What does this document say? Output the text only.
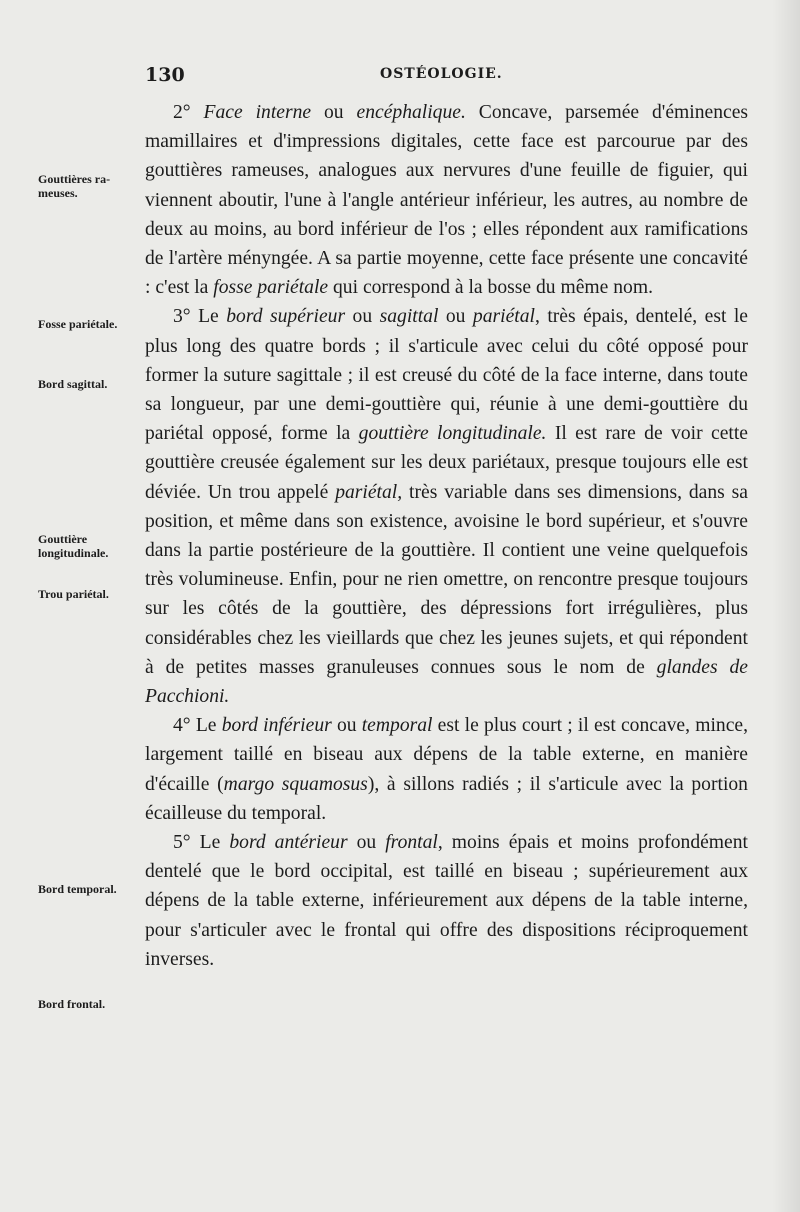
130	OSTÉOLOGIE.
Gouttières ra-meuses.
Fosse pariétale.
Bord sagittal.
Gouttière longitudinale.
Trou pariétal.
Bord temporal.
Bord frontal.

2° Face interne ou encéphalique. Concave, parsemée d'éminences mamillaires et d'impressions digitales, cette face est parcourue par des gouttières rameuses, analogues aux nervures d'une feuille de figuier, qui viennent aboutir, l'une à l'angle antérieur inférieur, les autres, au nombre de deux au moins, au bord inférieur de l'os ; elles répondent aux ramifications de l'artère ményngée. A sa partie moyenne, cette face présente une concavité : c'est la fosse pariétale qui correspond à la bosse du même nom.

3° Le bord supérieur ou sagittal ou pariétal, très épais, dentelé, est le plus long des quatre bords ; il s'articule avec celui du côté opposé pour former la suture sagittale ; il est creusé du côté de la face interne, dans toute sa longueur, par une demi-gouttière qui, réunie à une demi-gouttière du pariétal opposé, forme la gouttière longitudinale. Il est rare de voir cette gouttière creusée également sur les deux pariétaux, presque toujours elle est déviée. Un trou appelé pariétal, très variable dans ses dimensions, dans sa position, et même dans son existence, avoisine le bord supérieur, et s'ouvre dans la partie postérieure de la gouttière. Il contient une veine quelquefois très volumineuse. Enfin, pour ne rien omettre, on rencontre presque toujours sur les côtés de la gouttière, des dépressions fort irrégulières, plus considérables chez les vieillards que chez les jeunes sujets, et qui répondent à de petites masses granuleuses connues sous le nom de glandes de Pacchioni.

4° Le bord inférieur ou temporal est le plus court ; il est concave, mince, largement taillé en biseau aux dépens de la table externe, en manière d'écaille (margo squamosus), à sillons radiés ; il s'articule avec la portion écailleuse du temporal.

5° Le bord antérieur ou frontal, moins épais et moins profondément dentelé que le bord occipital, est taillé en biseau ; supérieurement aux dépens de la table externe, inférieurement aux dépens de la table interne, pour s'articuler avec le frontal qui offre des dispositions réciproquement inverses.
